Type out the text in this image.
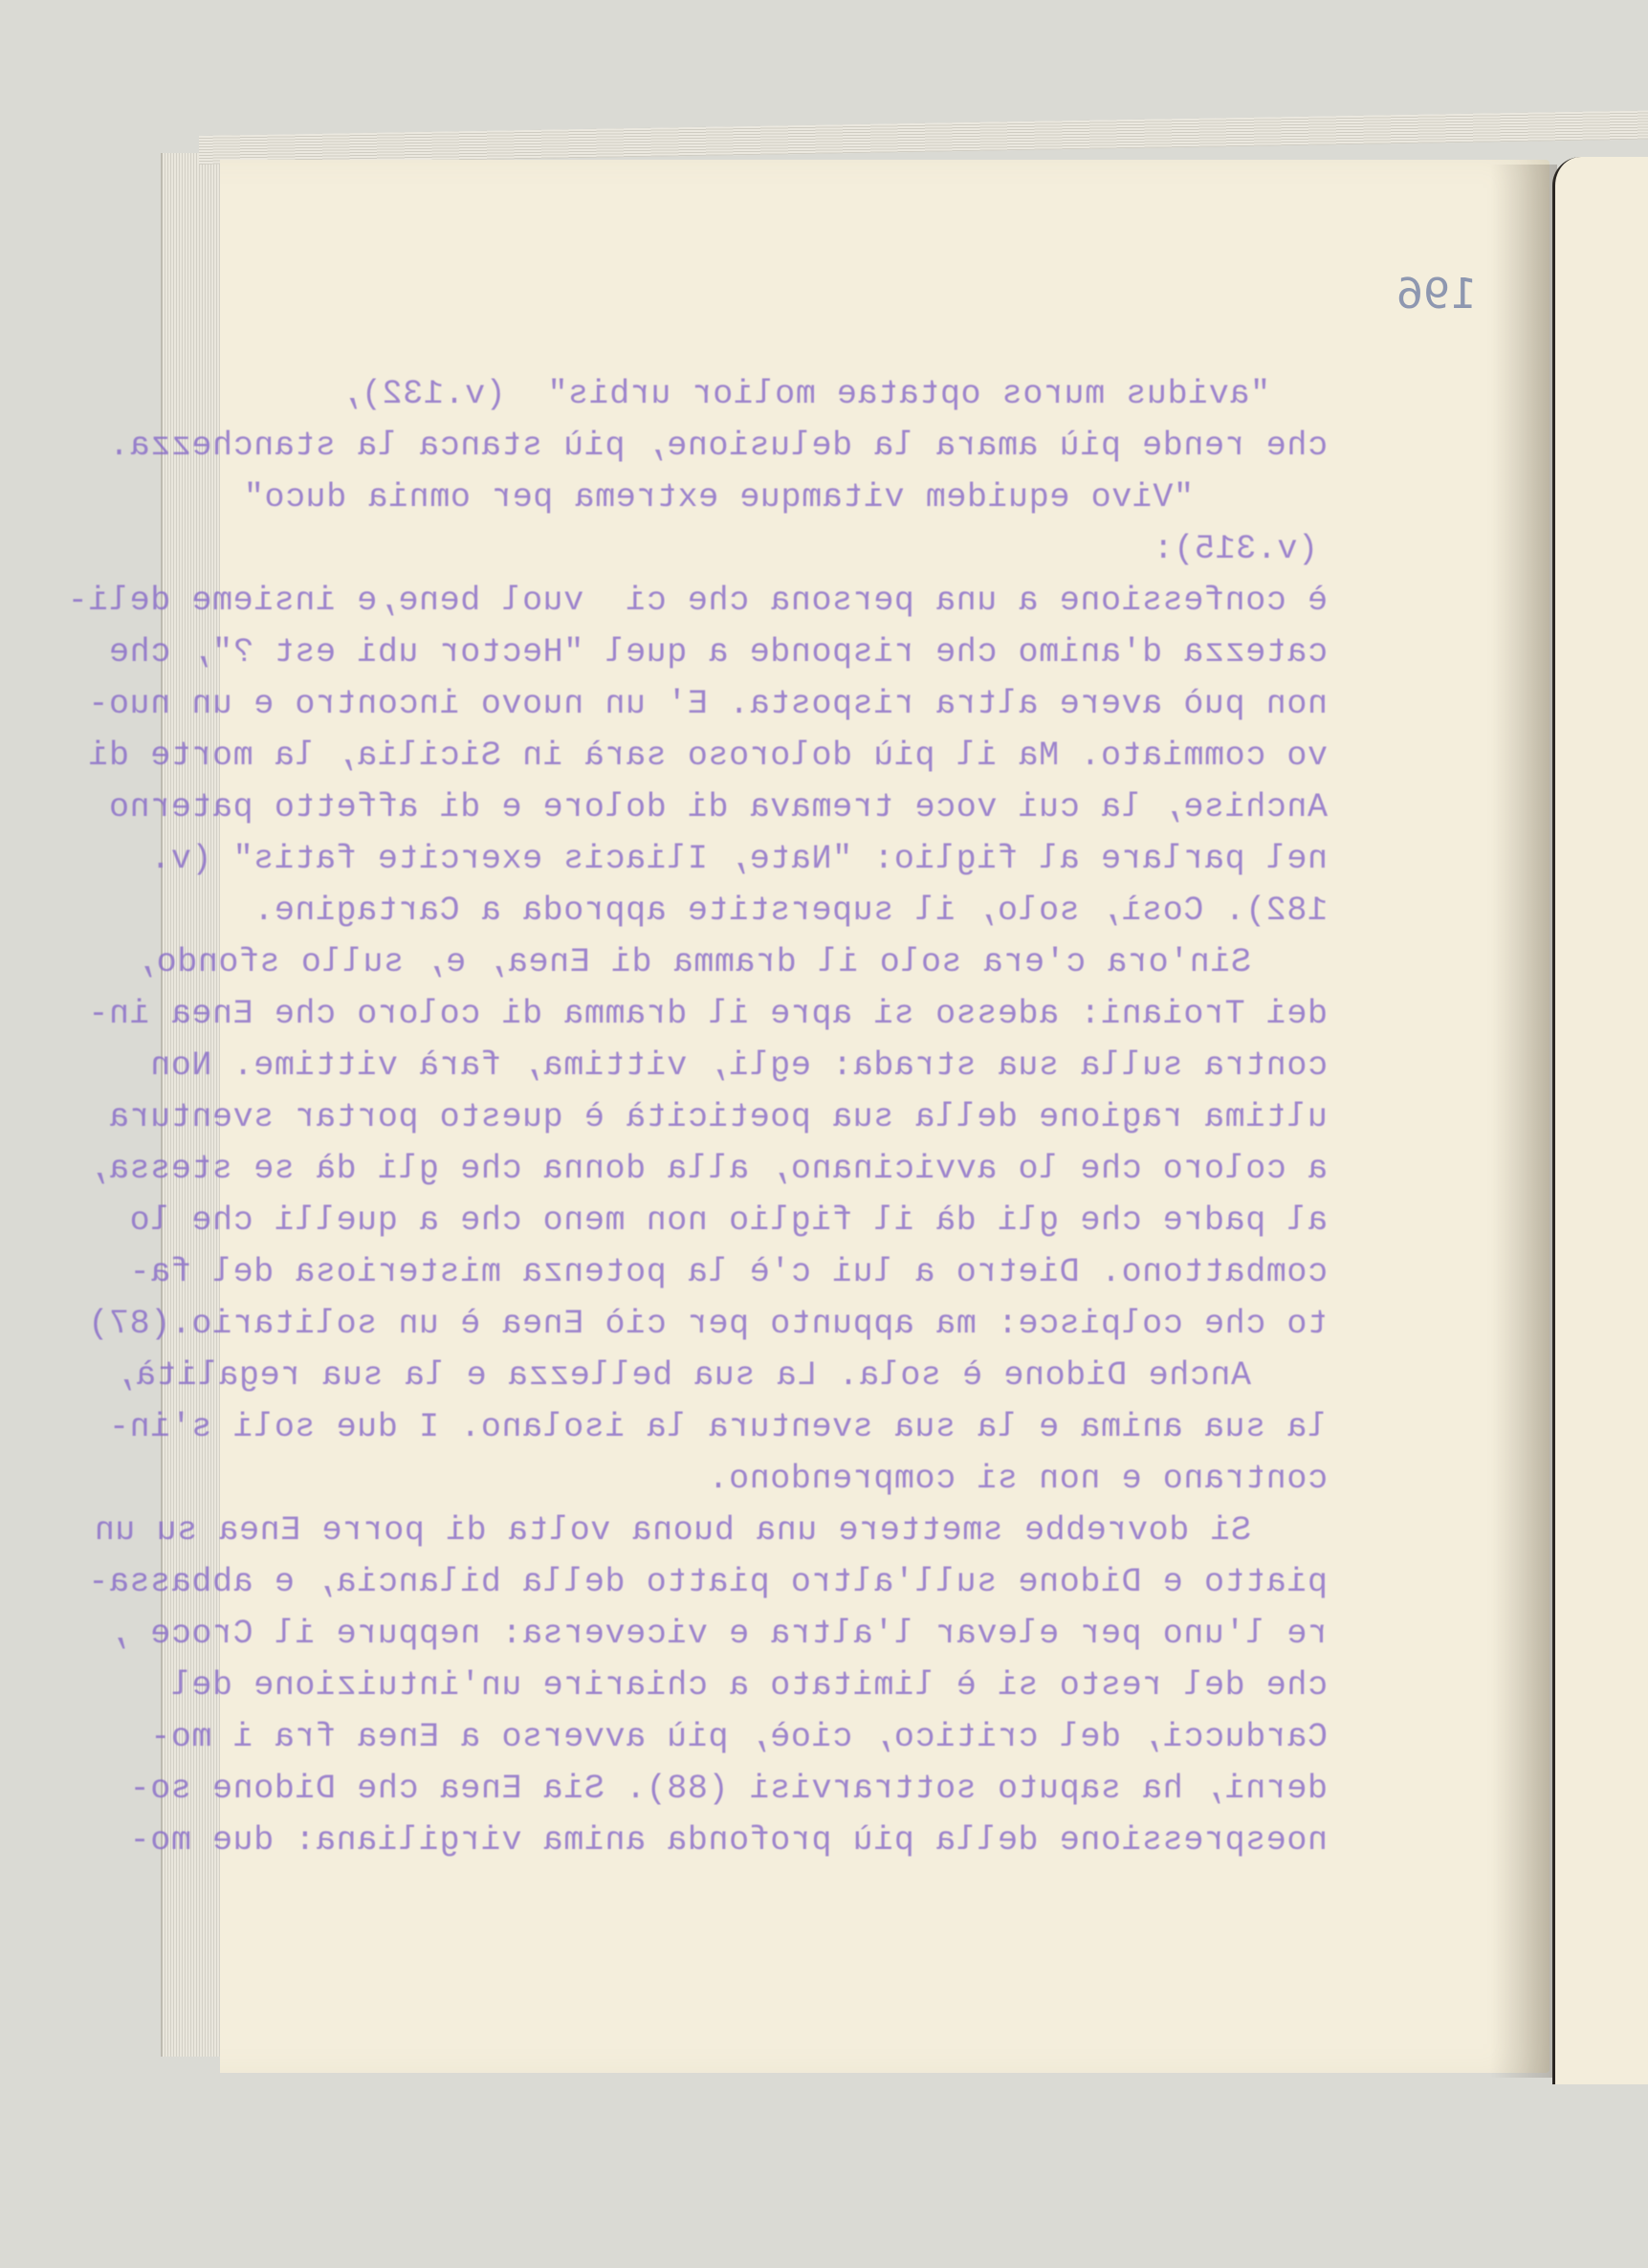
196
"avidus muros optatae molior urbis"  (v.132),
che rende più amara la delusione, più stanca la stanchezza.
"Vivo equidem vitamque extrema per omnia duco"
(v.315):
è confessione a una persona che ci  vuol bene,e insieme deli-
catezza d'animo che risponde a quel "Hector ubi est ?", che
non può avere altra risposta. E' un nuovo incontro e un nuo-
vo commiato. Ma il più doloroso sarà in Sicilia, la morte di
Anchise, la cui voce tremava di dolore e di affetto paterno
nel parlare al figlio: "Nate, Iliacis exercite fatis" (v.
182). Così, solo, il superstite approda a Cartagine.
Sin'ora c'era solo il dramma di Enea, e, sullo sfondo,
dei Troiani: adesso si apre il dramma di coloro che Enea in-
contra sulla sua strada: egli, vittima, farà vittime. Non
ultima ragione della sua poeticità è questo portar sventura
a coloro che lo avvicinano, alla donna che gli dà se stessa,
al padre che gli dà il figlio non meno che a quelli che lo
combattono. Dietro a lui c'è la potenza misteriosa del fa-
to che colpisce: ma appunto per ciò Enea è un solitario.(87)
Anche Didone è sola. La sua bellezza e la sua regalità,
la sua anima e la sua sventura la isolano. I due soli s'in-
contrano e non si comprendono.
Si dovrebbe smettere una buona volta di porre Enea su un
piatto e Didone sull'altro piatto della bilancia, e abbassa-
re l'uno per elevar l'altra e viceversa: neppure il Croce ,
che del resto si è limitato a chiarire un'intuizione del
Carducci, del critico, cioè, più avverso a Enea fra i mo-
derni, ha saputo sottrarvisi (88). Sia Enea che Didone so-
noespressione della più profonda anima virgiliana: due mo-
